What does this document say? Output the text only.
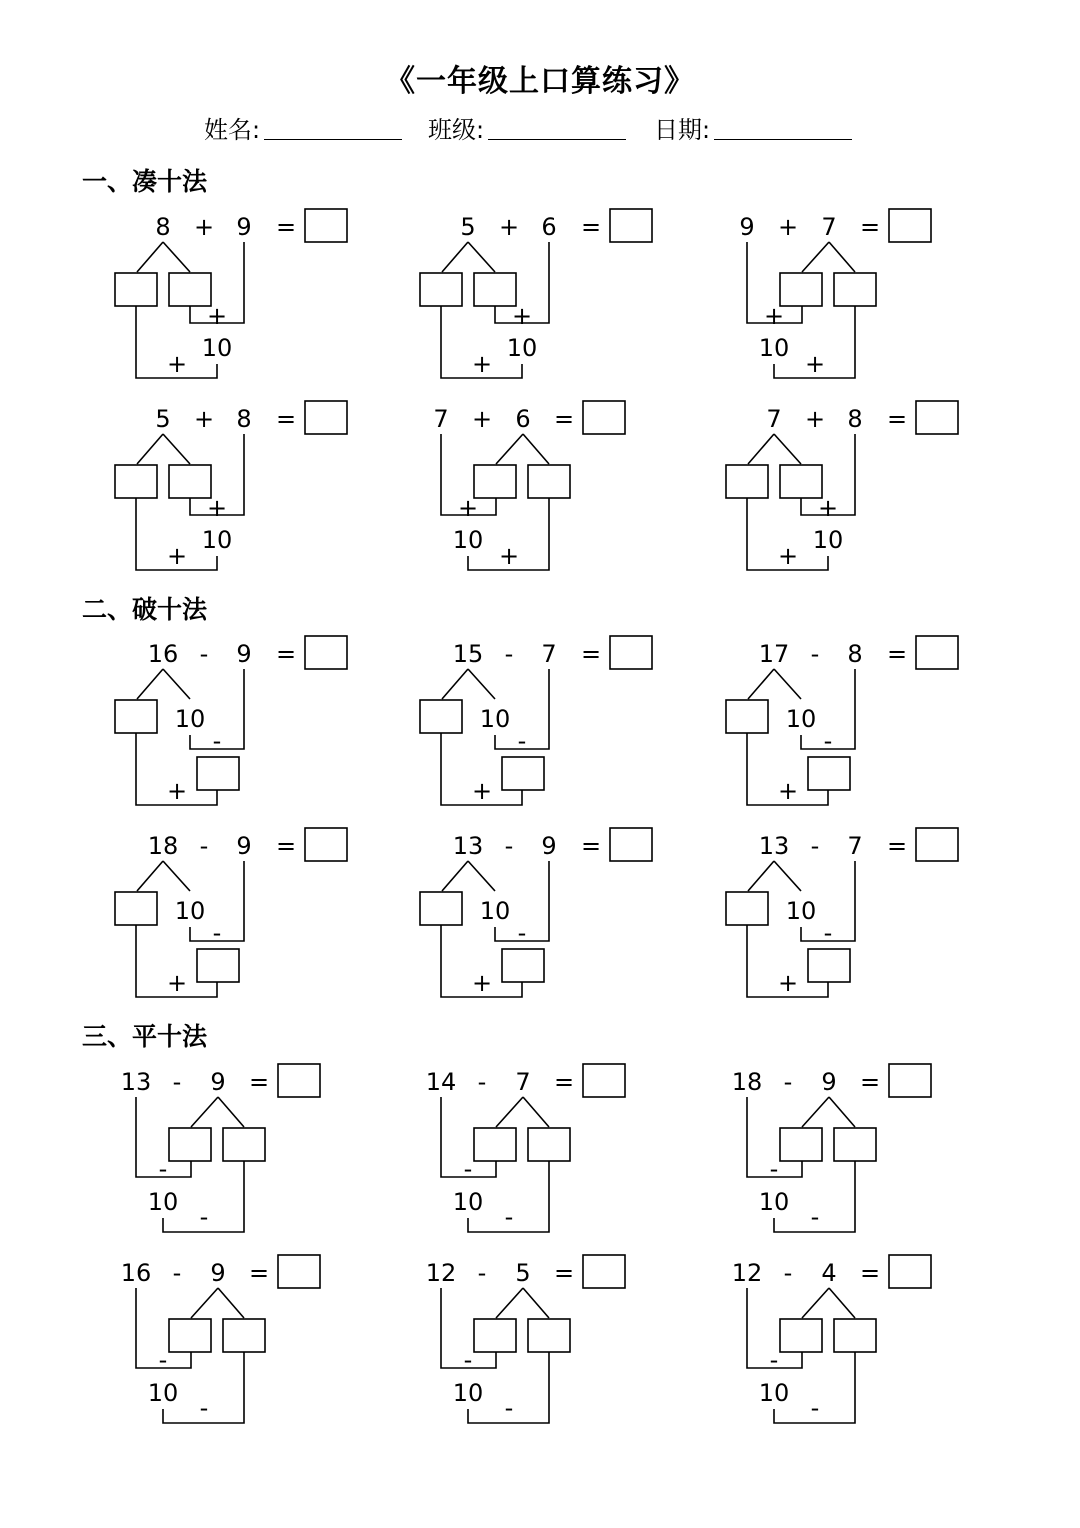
《一年级上口算练习》
姓名:	班级:	日期:
一、凑十法
二、破十法
三、平十法
8 + 9 =
+
10
+
5 + 6 =
+
10
+
9 + 7 =
+
10
+
5 + 8 =
+
10
+
7 + 6 =
+
10
+
7 + 8 =
+
10
+
16 - 9 =
10
-
+
15 - 7 =
10
-
+
17 - 8 =
10
-
+
18 - 9 =
10
-
+
13 - 9 =
10
-
+
13 - 7 =
10
-
+
13 - 9 =
-
10
-
14 - 7 =
-
10
-
18 - 9 =
-
10
-
16 - 9 =
-
10
-
12 - 5 =
-
10
-
12 - 4 =
-
10
-
